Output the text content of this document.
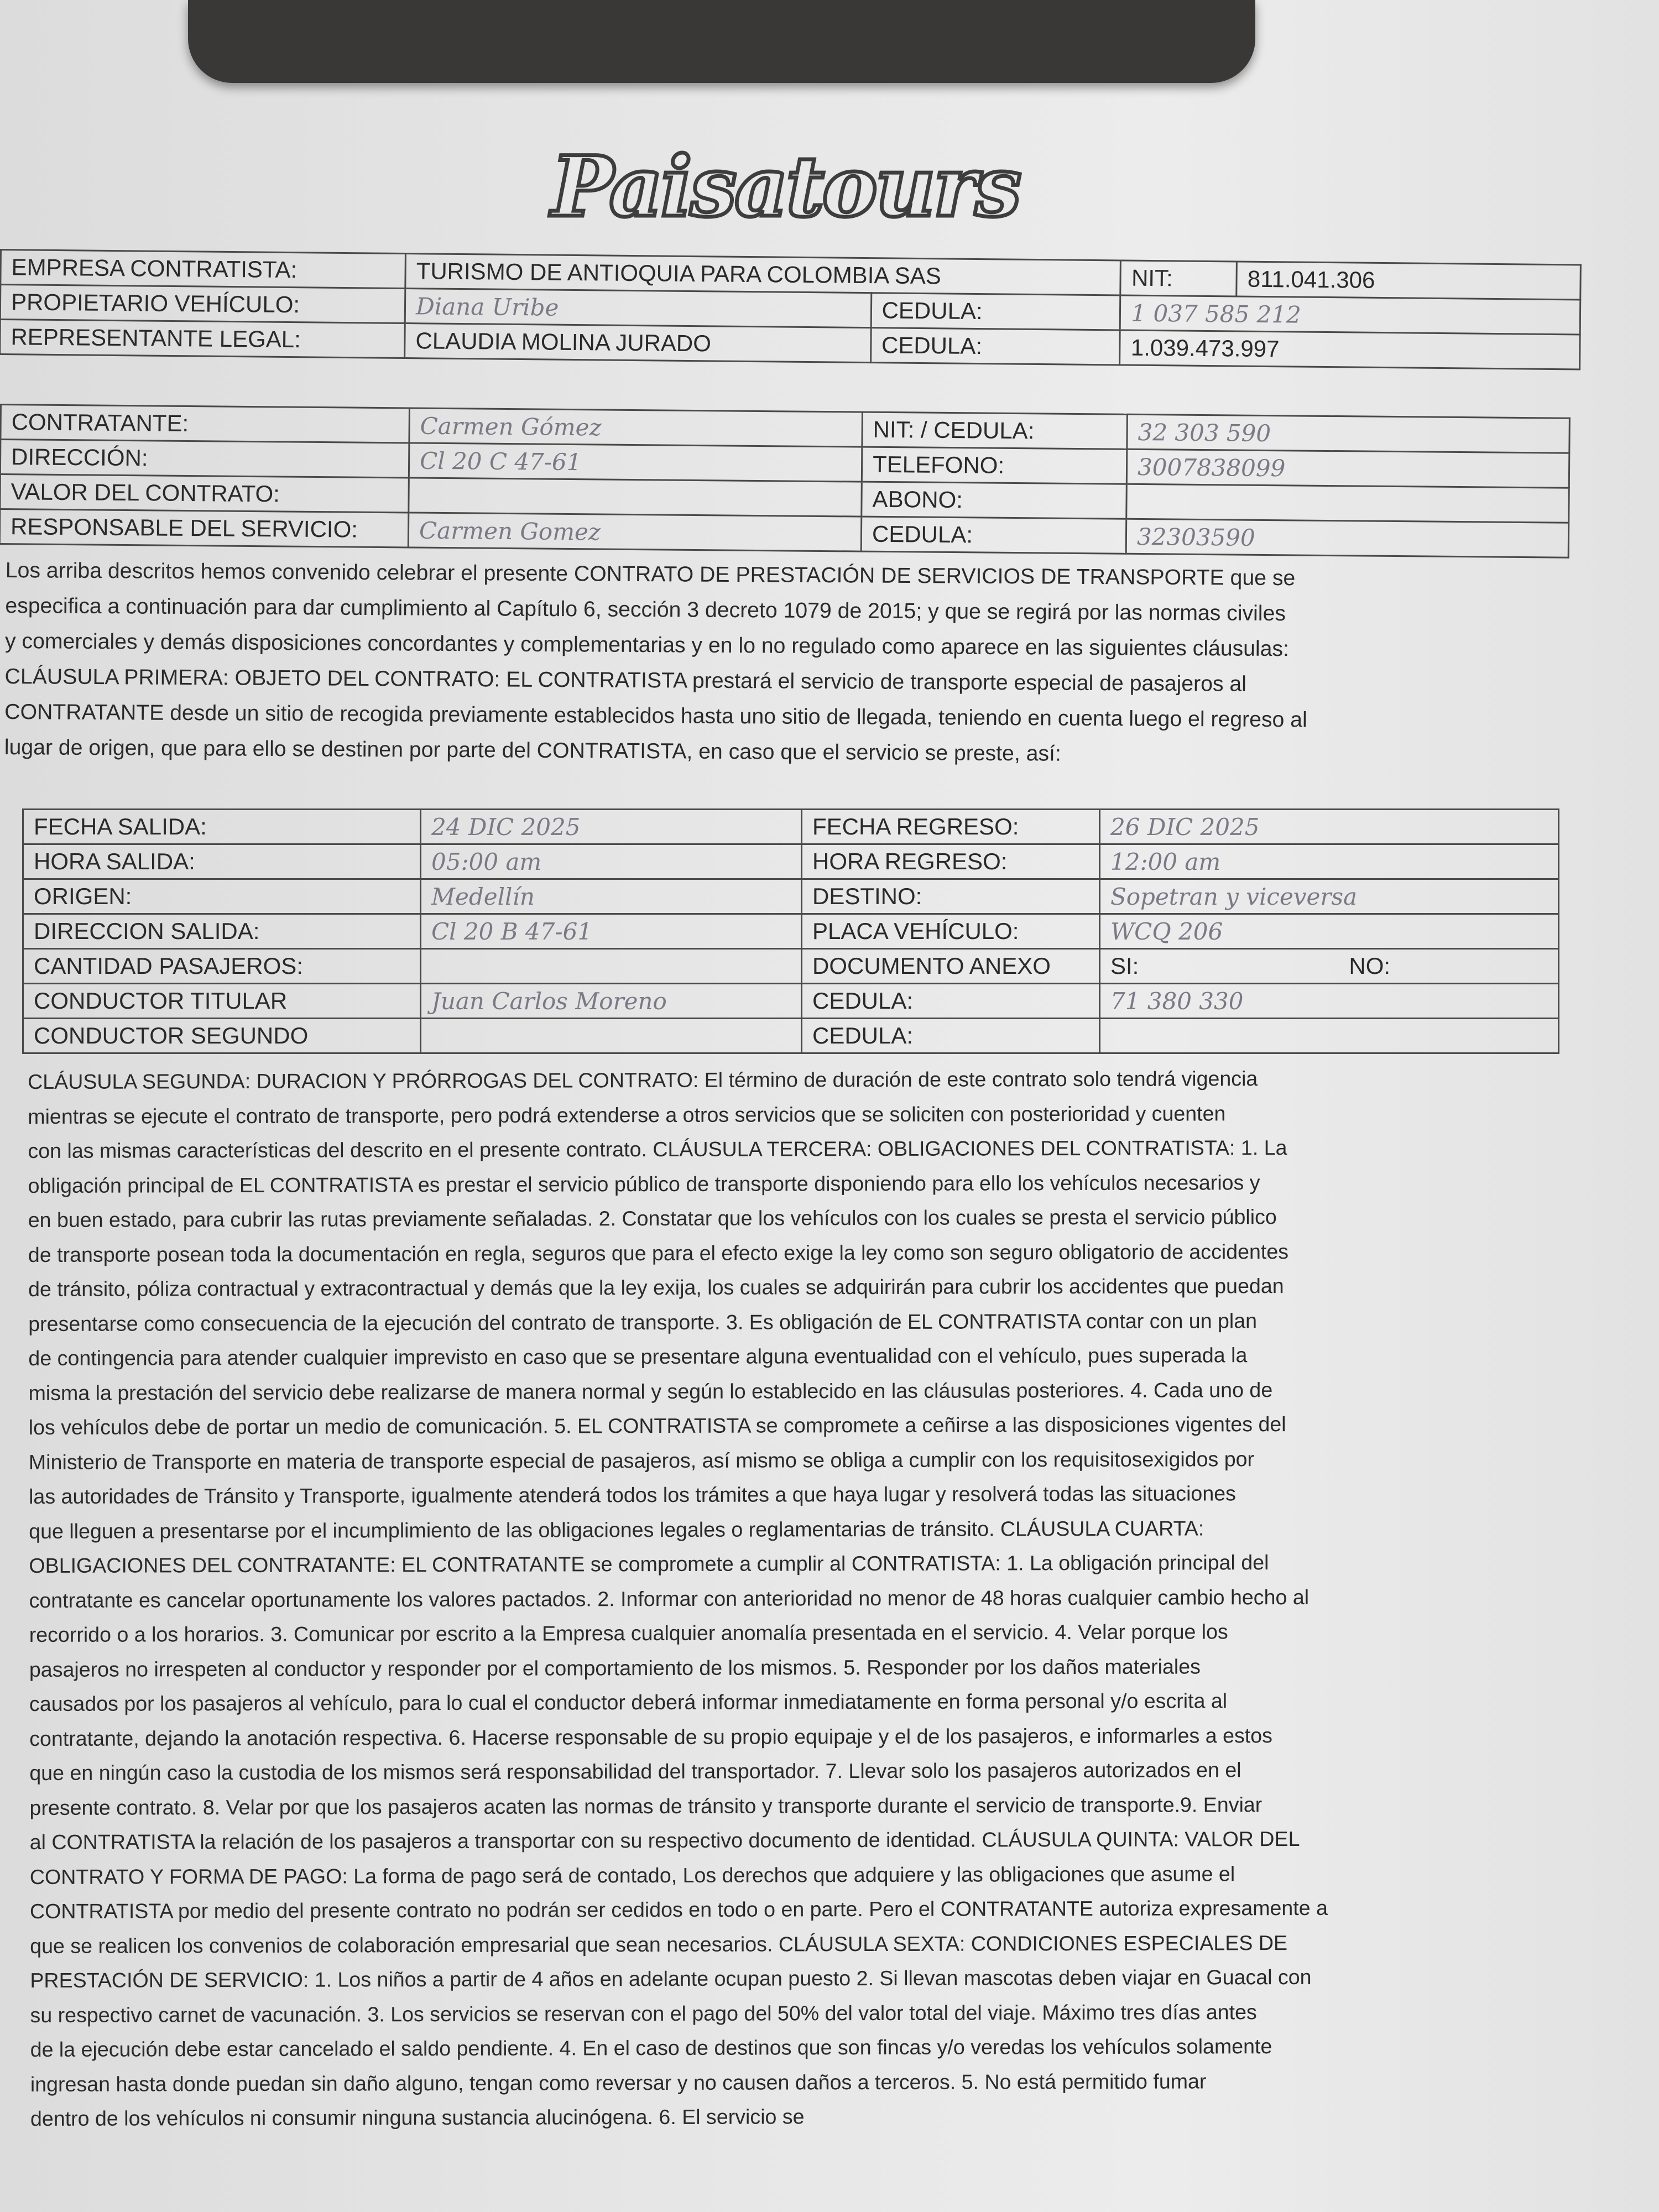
Paisatours
EMPRESA CONTRATISTA:	TURISMO DE ANTIOQUIA PARA COLOMBIA SAS		NIT:	811.041.306
PROPIETARIO VEHÍCULO:	Diana Uribe	CEDULA:	1 037 585 212	
REPRESENTANTE LEGAL:	CLAUDIA MOLINA JURADO	CEDULA:	1.039.473.997	
CONTRATANTE:	Carmen Gómez	NIT: / CEDULA:	32 303 590
DIRECCIÓN:	Cl 20 C 47-61	TELEFONO:	3007838099
VALOR DEL CONTRATO:		ABONO:	
RESPONSABLE DEL SERVICIO:	Carmen Gomez	CEDULA:	32303590
Los arriba descritos hemos convenido celebrar el presente CONTRATO DE PRESTACIÓN DE SERVICIOS DE TRANSPORTE que se
especifica a continuación para dar cumplimiento al Capítulo 6, sección 3 decreto 1079 de 2015; y que se regirá por las normas civiles
y comerciales y demás disposiciones concordantes y complementarias y en lo no regulado como aparece en las siguientes cláusulas:
CLÁUSULA PRIMERA: OBJETO DEL CONTRATO: EL CONTRATISTA prestará el servicio de transporte especial de pasajeros al
CONTRATANTE desde un sitio de recogida previamente establecidos hasta uno sitio de llegada, teniendo en cuenta luego el regreso al
lugar de origen, que para ello se destinen por parte del CONTRATISTA, en caso que el servicio se preste, así:
FECHA SALIDA:	24 DIC 2025	FECHA REGRESO:	26 DIC 2025
HORA SALIDA:	05:00 am	HORA REGRESO:	12:00 am
ORIGEN:	Medellín	DESTINO:	Sopetran y viceversa
DIRECCION SALIDA:	Cl 20 B 47-61	PLACA VEHÍCULO:	WCQ 206
CANTIDAD PASAJEROS:		DOCUMENTO ANEXO	SI: NO:
CONDUCTOR TITULAR	Juan Carlos Moreno	CEDULA:	71 380 330
CONDUCTOR SEGUNDO		CEDULA:	
CLÁUSULA SEGUNDA: DURACION Y PRÓRROGAS DEL CONTRATO: El término de duración de este contrato solo tendrá vigencia
mientras se ejecute el contrato de transporte, pero podrá extenderse a otros servicios que se soliciten con posterioridad y cuenten
con las mismas características del descrito en el presente contrato. CLÁUSULA TERCERA: OBLIGACIONES DEL CONTRATISTA: 1. La
obligación principal de EL CONTRATISTA es prestar el servicio público de transporte disponiendo para ello los vehículos necesarios y
en buen estado, para cubrir las rutas previamente señaladas. 2. Constatar que los vehículos con los cuales se presta el servicio público
de transporte posean toda la documentación en regla, seguros que para el efecto exige la ley como son seguro obligatorio de accidentes
de tránsito, póliza contractual y extracontractual y demás que la ley exija, los cuales se adquirirán para cubrir los accidentes que puedan
presentarse como consecuencia de la ejecución del contrato de transporte. 3. Es obligación de EL CONTRATISTA contar con un plan
de contingencia para atender cualquier imprevisto en caso que se presentare alguna eventualidad con el vehículo, pues superada la
misma la prestación del servicio debe realizarse de manera normal y según lo establecido en las cláusulas posteriores. 4. Cada uno de
los vehículos debe de portar un medio de comunicación. 5. EL CONTRATISTA se compromete a ceñirse a las disposiciones vigentes del
Ministerio de Transporte en materia de transporte especial de pasajeros, así mismo se obliga a cumplir con los requisitosexigidos por
las autoridades de Tránsito y Transporte, igualmente atenderá todos los trámites a que haya lugar y resolverá todas las situaciones
que lleguen a presentarse por el incumplimiento de las obligaciones legales o reglamentarias de tránsito. CLÁUSULA CUARTA:
OBLIGACIONES DEL CONTRATANTE: EL CONTRATANTE se compromete a cumplir al CONTRATISTA: 1. La obligación principal del
contratante es cancelar oportunamente los valores pactados. 2. Informar con anterioridad no menor de 48 horas cualquier cambio hecho al
recorrido o a los horarios. 3. Comunicar por escrito a la Empresa cualquier anomalía presentada en el servicio. 4. Velar porque los
pasajeros no irrespeten al conductor y responder por el comportamiento de los mismos. 5. Responder por los daños materiales
causados por los pasajeros al vehículo, para lo cual el conductor deberá informar inmediatamente en forma personal y/o escrita al
contratante, dejando la anotación respectiva. 6. Hacerse responsable de su propio equipaje y el de los pasajeros, e informarles a estos
que en ningún caso la custodia de los mismos será responsabilidad del transportador. 7. Llevar solo los pasajeros autorizados en el
presente contrato. 8. Velar por que los pasajeros acaten las normas de tránsito y transporte durante el servicio de transporte.9. Enviar
al CONTRATISTA la relación de los pasajeros a transportar con su respectivo documento de identidad. CLÁUSULA QUINTA: VALOR DEL
CONTRATO Y FORMA DE PAGO: La forma de pago será de contado, Los derechos que adquiere y las obligaciones que asume el
CONTRATISTA por medio del presente contrato no podrán ser cedidos en todo o en parte. Pero el CONTRATANTE autoriza expresamente a
que se realicen los convenios de colaboración empresarial que sean necesarios. CLÁUSULA SEXTA: CONDICIONES ESPECIALES DE
PRESTACIÓN DE SERVICIO: 1. Los niños a partir de 4 años en adelante ocupan puesto 2. Si llevan mascotas deben viajar en Guacal con
su respectivo carnet de vacunación. 3. Los servicios se reservan con el pago del 50% del valor total del viaje. Máximo tres días antes
de la ejecución debe estar cancelado el saldo pendiente. 4. En el caso de destinos que son fincas y/o veredas los vehículos solamente
ingresan hasta donde puedan sin daño alguno, tengan como reversar y no causen daños a terceros. 5. No está permitido fumar
dentro de los vehículos ni consumir ninguna sustancia alucinógena. 6. El servicio se
